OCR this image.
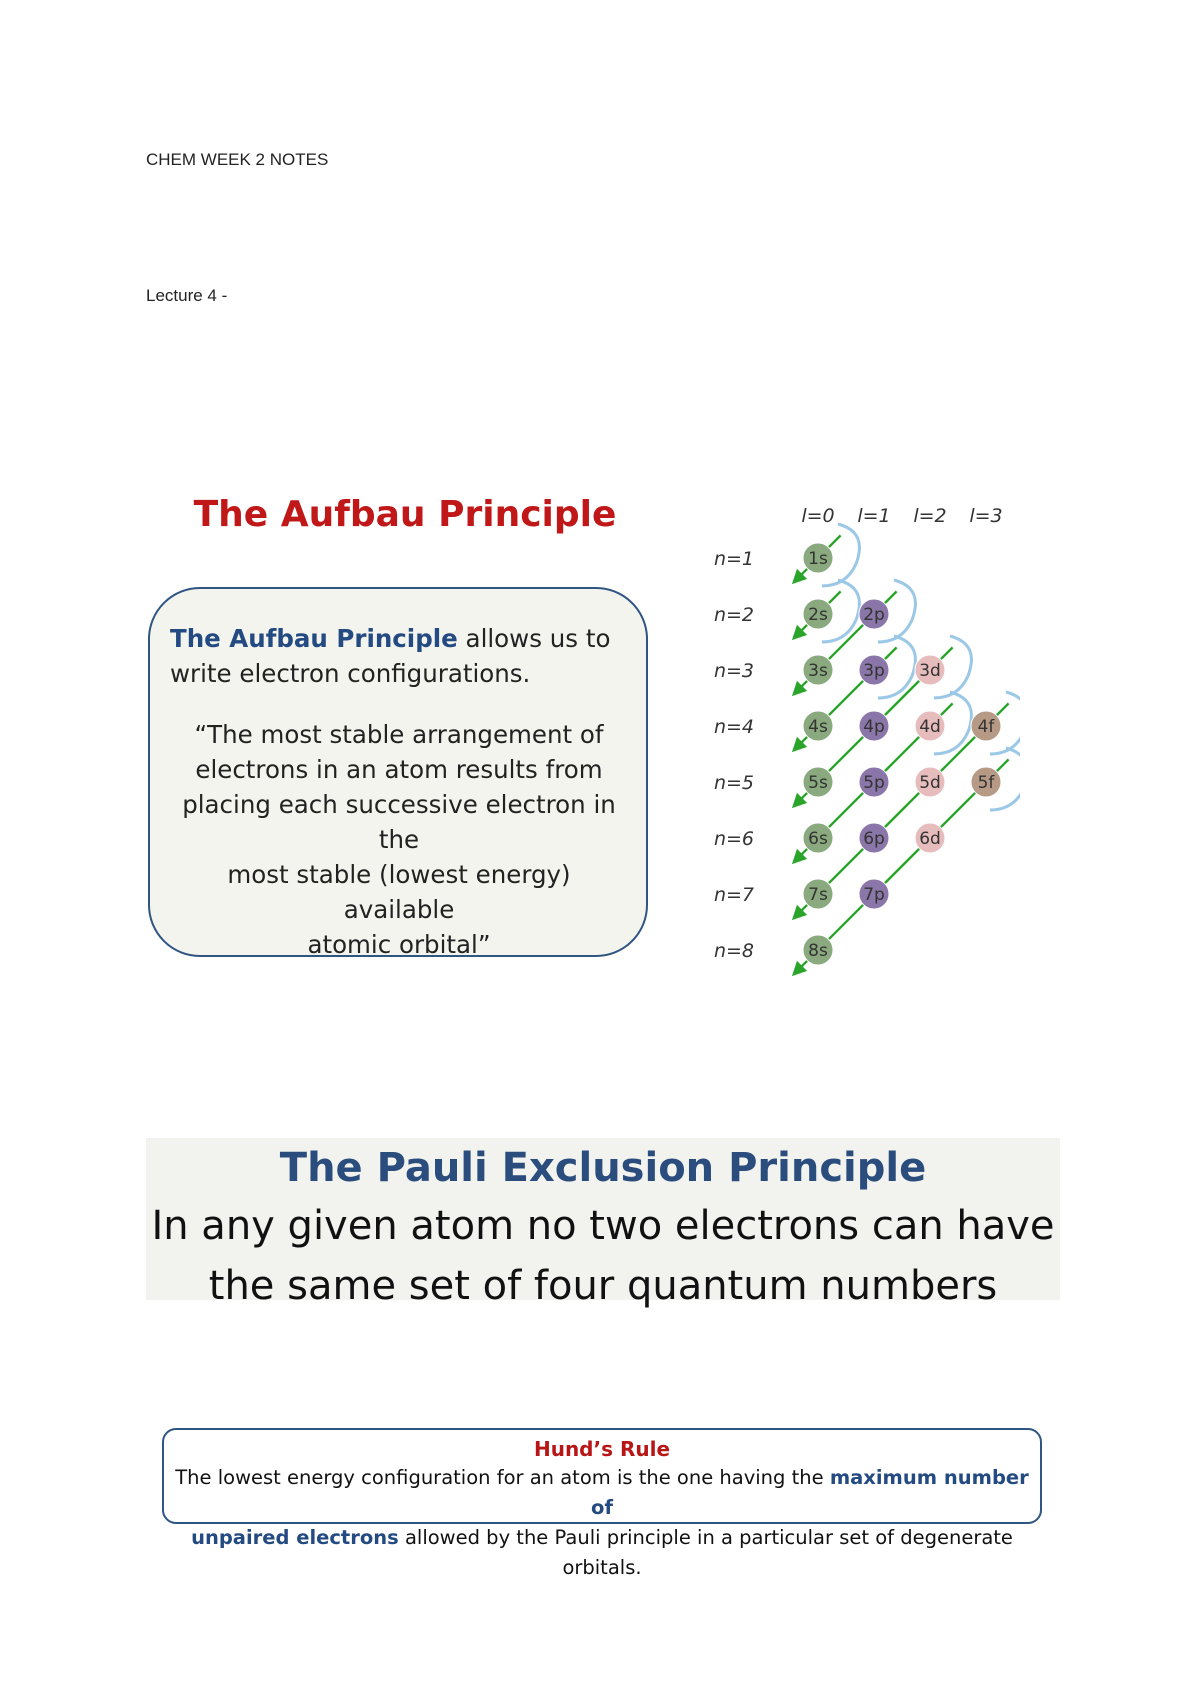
CHEM WEEK 2 NOTES
Lecture 4 -
The Aufbau Principle

The Aufbau Principle allows us to write electron configurations.

“The most stable arrangement of
electrons in an atom results from
placing each successive electron in the
most stable (lowest energy) available
atomic orbital”
l=0 l=1 l=2 l=3
n=1
n=2
n=3
n=4
n=5
n=6
n=7
n=8
1s
2s 2p
3s 3p 3d
4s 4p 4d 4f
5s 5p 5d 5f
6s 6p 6d
7s 7p
8s
The Pauli Exclusion Principle
In any given atom no two electrons can have
the same set of four quantum numbers
Hund’s Rule
The lowest energy configuration for an atom is the one having the maximum number of
unpaired electrons allowed by the Pauli principle in a particular set of degenerate orbitals.
